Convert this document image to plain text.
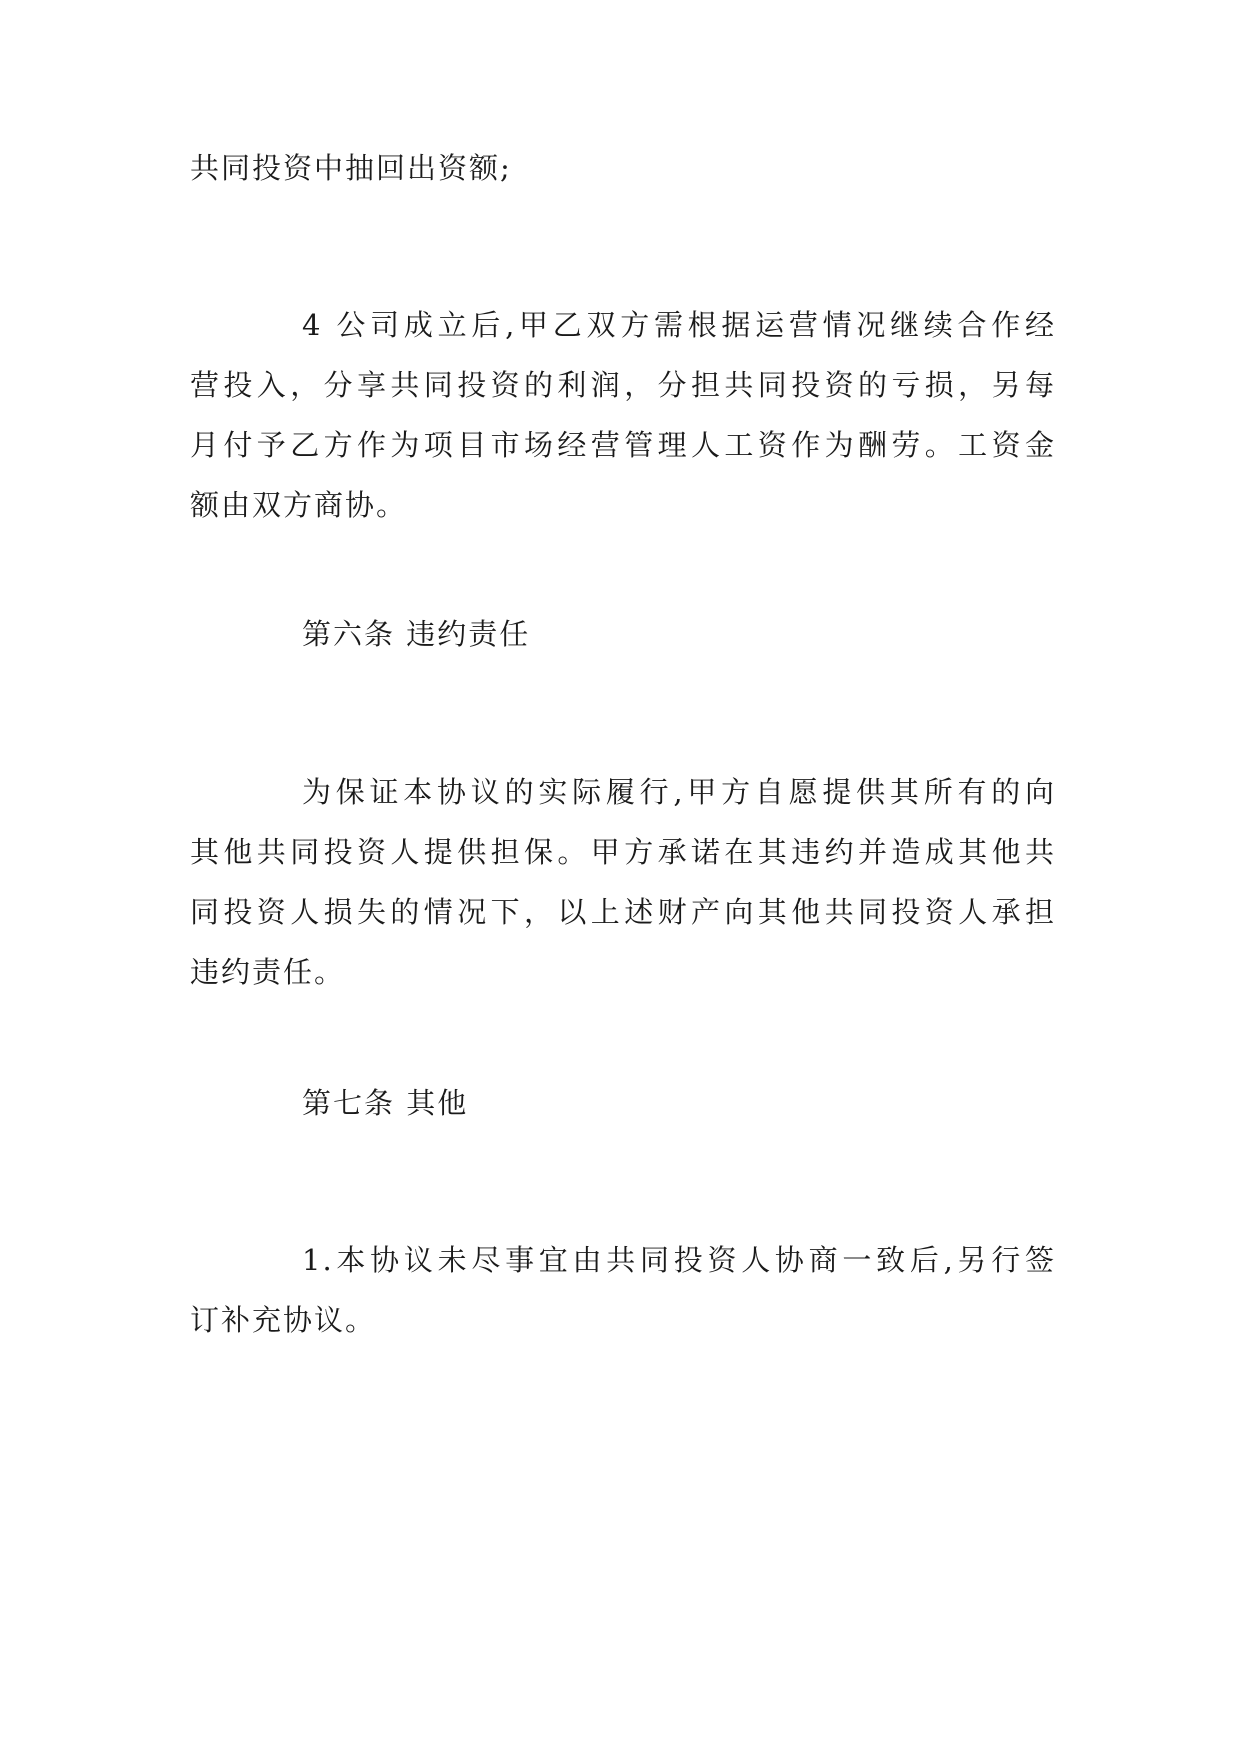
共同投资中抽回出资额;

4 公司成立后,甲乙双方需根据运营情况继续合作经
营投入，分享共同投资的利润，分担共同投资的亏损，另每
月付予乙方作为项目市场经营管理人工资作为酬劳。工资金
额由双方商协。

第六条 违约责任

为保证本协议的实际履行,甲方自愿提供其所有的向
其他共同投资人提供担保。甲方承诺在其违约并造成其他共
同投资人损失的情况下，以上述财产向其他共同投资人承担
违约责任。

第七条 其他

1.本协议未尽事宜由共同投资人协商一致后,另行签
订补充协议。
